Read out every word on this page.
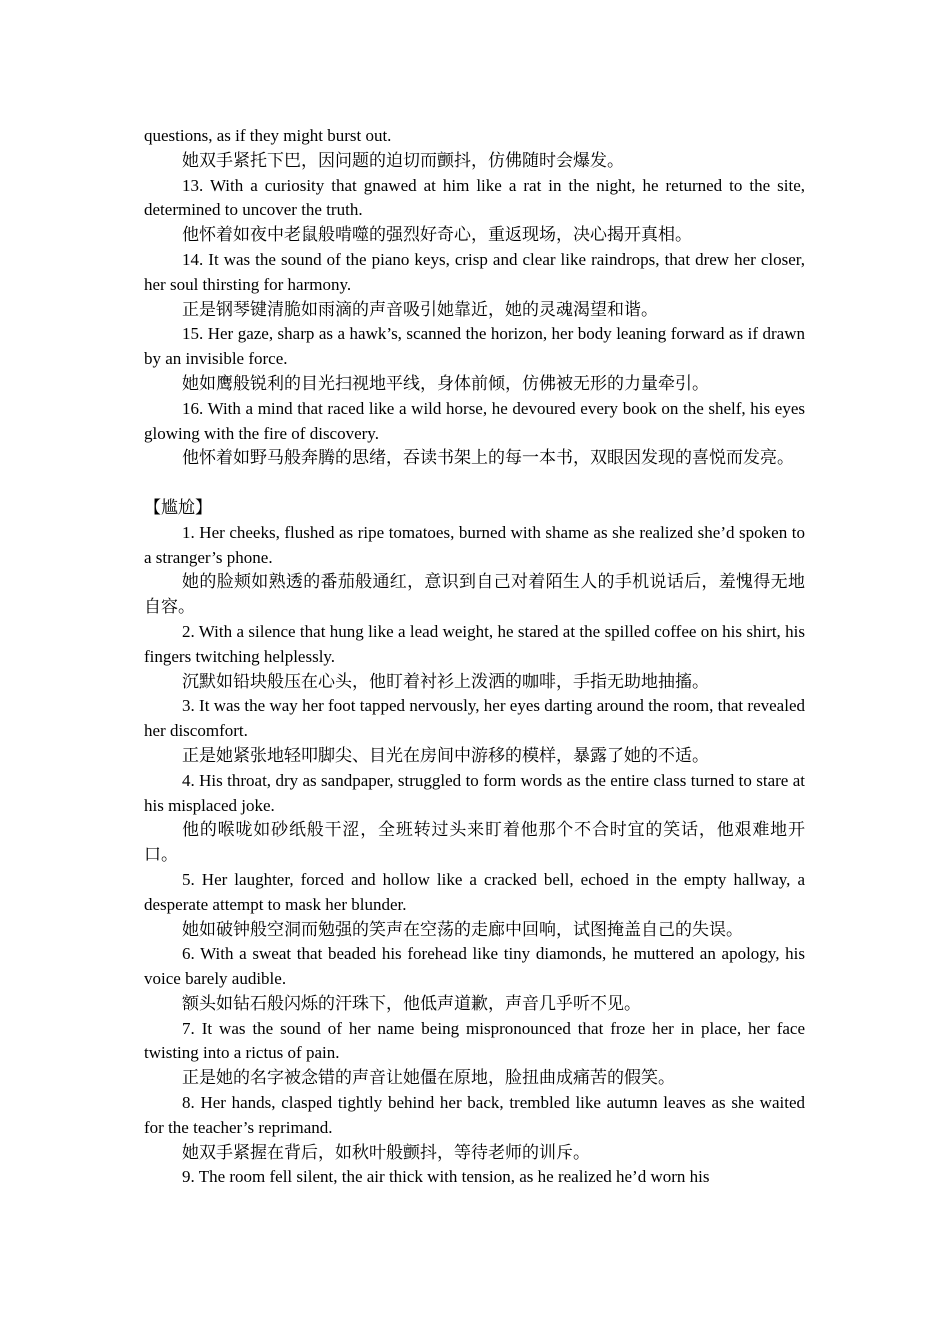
questions, as if they might burst out.

她双手紧托下巴，因问题的迫切而颤抖，仿佛随时会爆发。

13. With a curiosity that gnawed at him like a rat in the night, he returned to the site, determined to uncover the truth.

他怀着如夜中老鼠般啃噬的强烈好奇心，重返现场，决心揭开真相。

14. It was the sound of the piano keys, crisp and clear like raindrops, that drew her closer, her soul thirsting for harmony.

正是钢琴键清脆如雨滴的声音吸引她靠近，她的灵魂渴望和谐。

15. Her gaze, sharp as a hawk’s, scanned the horizon, her body leaning forward as if drawn by an invisible force.

她如鹰般锐利的目光扫视地平线，身体前倾，仿佛被无形的力量牵引。

16. With a mind that raced like a wild horse, he devoured every book on the shelf, his eyes glowing with the fire of discovery.

他怀着如野马般奔腾的思绪，吞读书架上的每一本书，双眼因发现的喜悦而发亮。

【尴尬】

1. Her cheeks, flushed as ripe tomatoes, burned with shame as she realized she’d spoken to a stranger’s phone.

她的脸颊如熟透的番茄般通红，意识到自己对着陌生人的手机说话后，羞愧得无地自容。

2. With a silence that hung like a lead weight, he stared at the spilled coffee on his shirt, his fingers twitching helplessly.

沉默如铅块般压在心头，他盯着衬衫上泼洒的咖啡，手指无助地抽搐。

3. It was the way her foot tapped nervously, her eyes darting around the room, that revealed her discomfort.

正是她紧张地轻叩脚尖、目光在房间中游移的模样，暴露了她的不适。

4. His throat, dry as sandpaper, struggled to form words as the entire class turned to stare at his misplaced joke.

他的喉咙如砂纸般干涩，全班转过头来盯着他那个不合时宜的笑话，他艰难地开口。

5. Her laughter, forced and hollow like a cracked bell, echoed in the empty hallway, a desperate attempt to mask her blunder.

她如破钟般空洞而勉强的笑声在空荡的走廊中回响，试图掩盖自己的失误。

6. With a sweat that beaded his forehead like tiny diamonds, he muttered an apology, his voice barely audible.

额头如钻石般闪烁的汗珠下，他低声道歉，声音几乎听不见。

7. It was the sound of her name being mispronounced that froze her in place, her face twisting into a rictus of pain.

正是她的名字被念错的声音让她僵在原地，脸扭曲成痛苦的假笑。

8. Her hands, clasped tightly behind her back, trembled like autumn leaves as she waited for the teacher’s reprimand.

她双手紧握在背后，如秋叶般颤抖，等待老师的训斥。

9. The room fell silent, the air thick with tension, as he realized he’d worn his
